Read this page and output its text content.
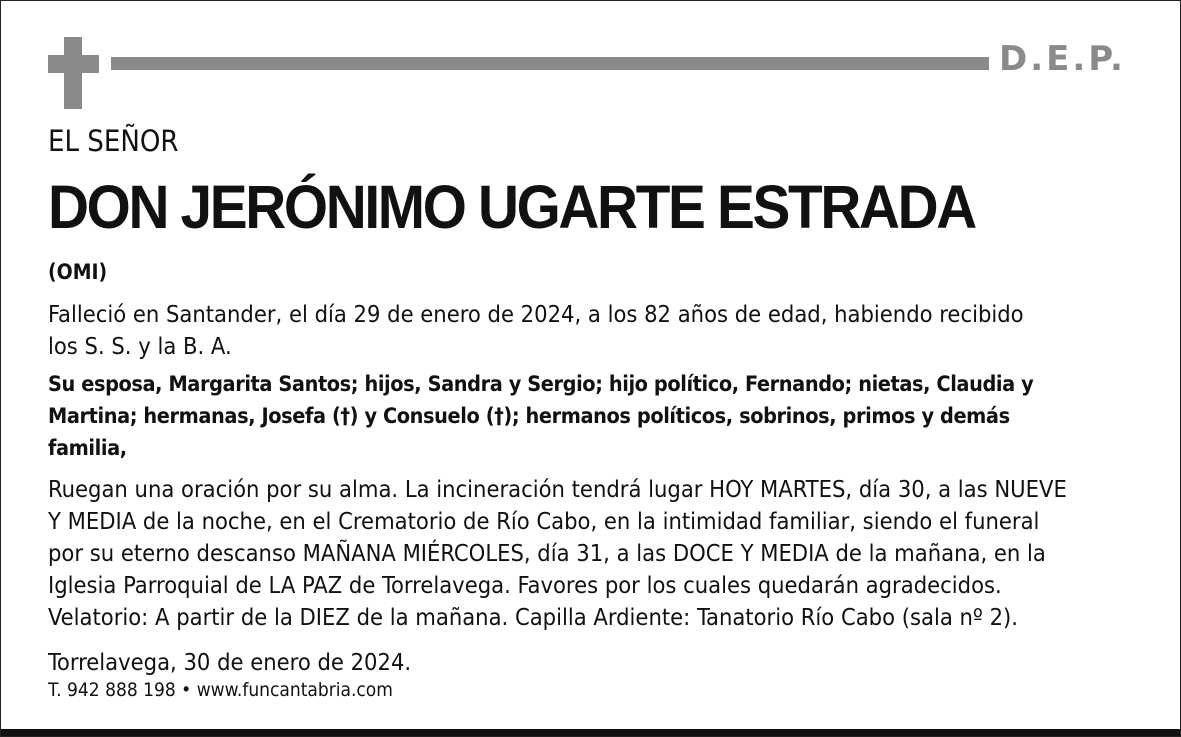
D.E.P.
EL SEÑOR
DON JERÓNIMO UGARTE ESTRADA
(OMI)
Falleció en Santander, el día 29 de enero de 2024, a los 82 años de edad, habiendo recibido
los S. S. y la B. A.
Su esposa, Margarita Santos; hijos, Sandra y Sergio; hijo político, Fernando; nietas, Claudia y
Martina; hermanas, Josefa (†) y Consuelo (†); hermanos políticos, sobrinos, primos y demás
familia,
Ruegan una oración por su alma. La incineración tendrá lugar HOY MARTES, día 30, a las NUEVE
Y MEDIA de la noche, en el Crematorio de Río Cabo, en la intimidad familiar, siendo el funeral
por su eterno descanso MAÑANA MIÉRCOLES, día 31, a las DOCE Y MEDIA de la mañana, en la
Iglesia Parroquial de LA PAZ de Torrelavega. Favores por los cuales quedarán agradecidos.
Velatorio: A partir de la DIEZ de la mañana. Capilla Ardiente: Tanatorio Río Cabo (sala nº 2).
Torrelavega, 30 de enero de 2024.
T. 942 888 198 • www.funcantabria.com
